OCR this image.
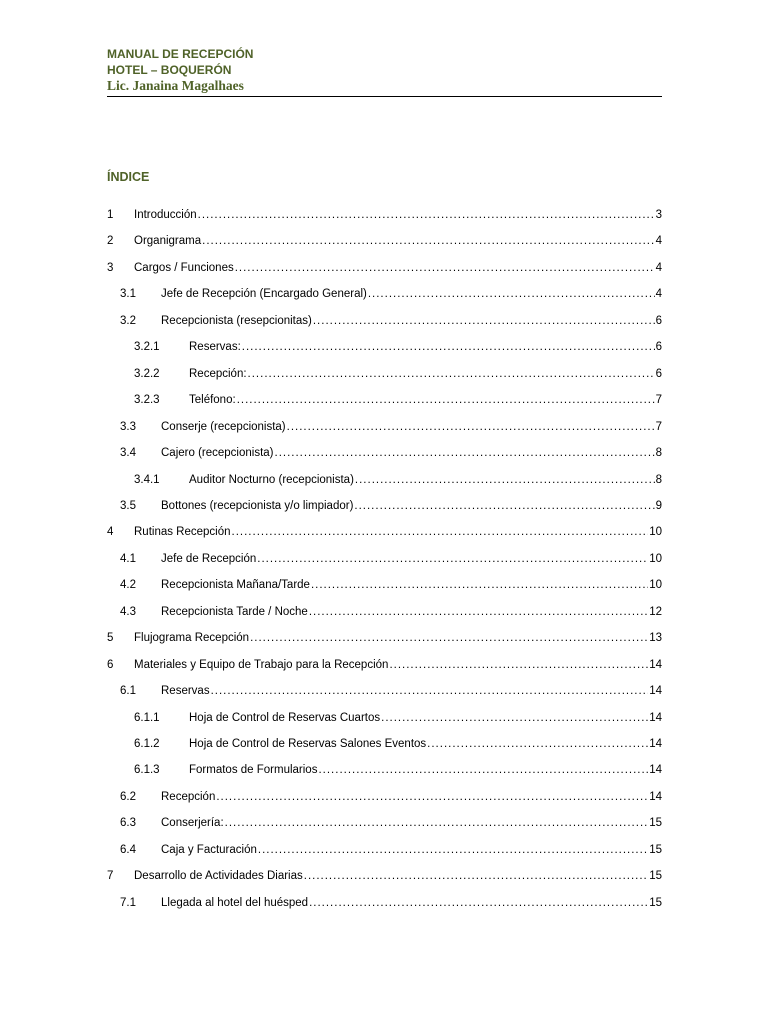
MANUAL DE RECEPCIÓN
HOTEL – BOQUERÓN
Lic. Janaina Magalhaes
ÍNDICE
1 Introducción .....	3
2 Organigrama .....	4
3 Cargos / Funciones .....	4
3.1 Jefe de Recepción (Encargado General) .....	4
3.2 Recepcionista (resepcionitas) .....	6
3.2.1	Reservas: .....	6
3.2.2	Recepción: .....	6
3.2.3	Teléfono: .....	7
3.3 Conserje (recepcionista) .....	7
3.4 Cajero (recepcionista) .....	8
3.4.1	Auditor Nocturno (recepcionista) .....	8
3.5 Bottones (recepcionista y/o limpiador) .....	9
4 Rutinas Recepción .....	10
4.1 Jefe de Recepción .....	10
4.2 Recepcionista Mañana/Tarde .....	10
4.3 Recepcionista Tarde / Noche .....	12
5 Flujograma Recepción .....	13
6 Materiales y Equipo de Trabajo para la Recepción .....	14
6.1 Reservas .....	14
6.1.1	Hoja de Control de Reservas Cuartos .....	14
6.1.2	Hoja de Control de Reservas Salones Eventos .....	14
6.1.3	Formatos de Formularios .....	14
6.2 Recepción .....	14
6.3 Conserjería: .....	15
6.4 Caja y Facturación .....	15
7 Desarrollo de Actividades Diarias .....	15
7.1 Llegada al hotel del huésped .....	15
